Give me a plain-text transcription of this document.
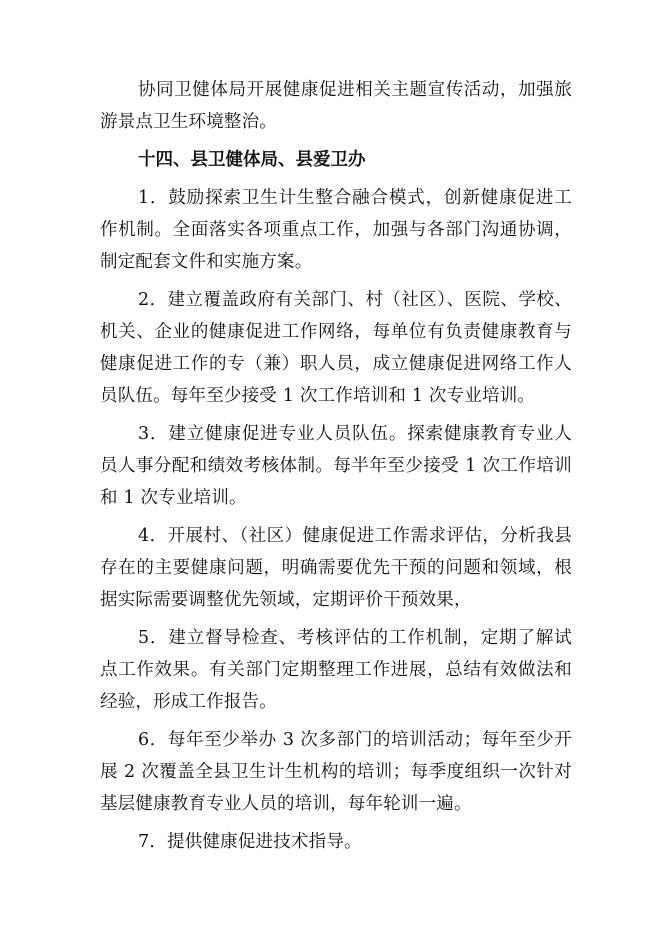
协同卫健体局开展健康促进相关主题宣传活动，加强旅游景点卫生环境整治。

十四、县卫健体局、县爱卫办

1．鼓励探索卫生计生整合融合模式，创新健康促进工作机制。全面落实各项重点工作，加强与各部门沟通协调，制定配套文件和实施方案。

2．建立覆盖政府有关部门、村（社区）、医院、学校、机关、企业的健康促进工作网络，每单位有负责健康教育与健康促进工作的专（兼）职人员，成立健康促进网络工作人员队伍。每年至少接受 1 次工作培训和 1 次专业培训。

3．建立健康促进专业人员队伍。探索健康教育专业人员人事分配和绩效考核体制。每半年至少接受 1 次工作培训和 1 次专业培训。

4．开展村、（社区）健康促进工作需求评估，分析我县存在的主要健康问题，明确需要优先干预的问题和领域，根据实际需要调整优先领域，定期评价干预效果，

5．建立督导检查、考核评估的工作机制，定期了解试点工作效果。有关部门定期整理工作进展，总结有效做法和经验，形成工作报告。

6．每年至少举办 3 次多部门的培训活动；每年至少开展 2 次覆盖全县卫生计生机构的培训；每季度组织一次针对基层健康教育专业人员的培训，每年轮训一遍。

7．提供健康促进技术指导。
